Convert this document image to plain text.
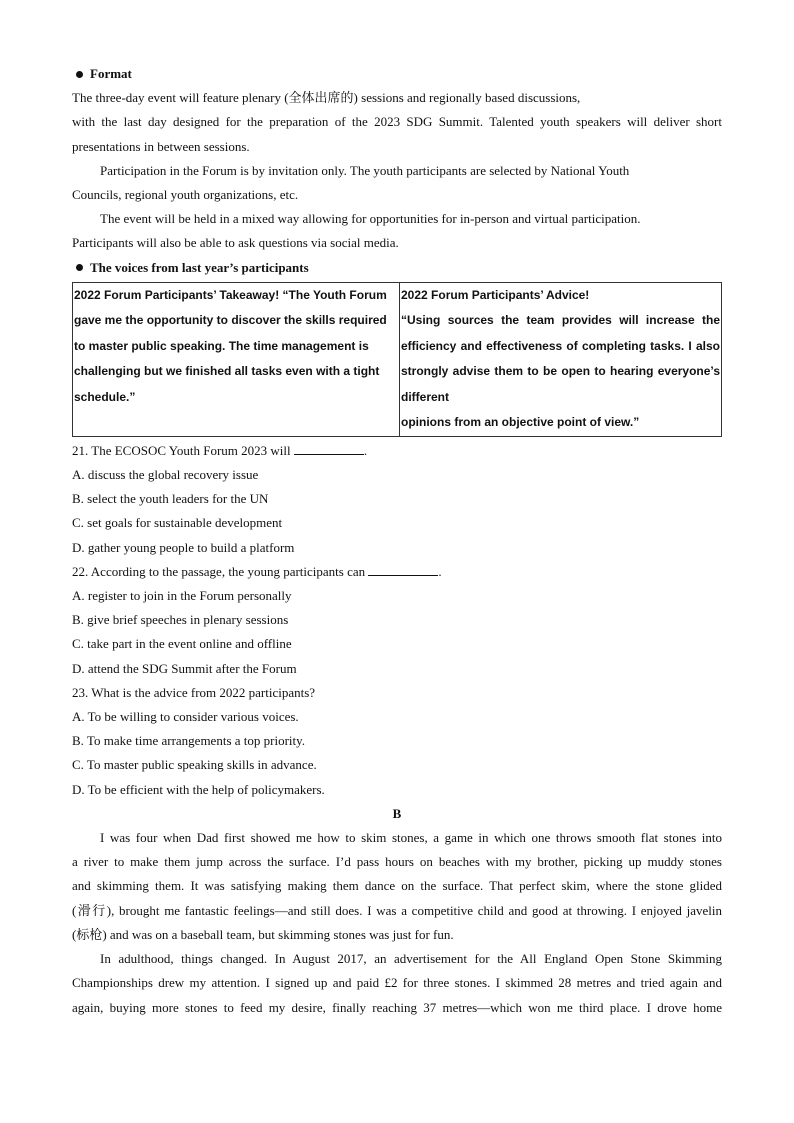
Format
The three-day event will feature plenary (全体出席的) sessions and regionally based discussions,
with the last day designed for the preparation of the 2023 SDG Summit. Talented youth speakers will deliver short
presentations in between sessions.
Participation in the Forum is by invitation only. The youth participants are selected by National Youth
Councils, regional youth organizations, etc.
The event will be held in a mixed way allowing for opportunities for in-person and virtual participation.
Participants will also be able to ask questions via social media.
The voices from last year’s participants
2022 Forum Participants’ Takeaway! “The Youth Forum
gave me the opportunity to discover the skills required
to master public speaking. The time management is
challenging but we finished all tasks even with a tight
schedule.”

2022 Forum Participants’ Advice!
“Using sources the team provides will increase the
efficiency and effectiveness of completing tasks. I also
strongly advise them to be open to hearing everyone’s
different
opinions from an objective point of view.”
21. The ECOSOC Youth Forum 2023 will	.
A. discuss the global recovery issue
B. select the youth leaders for the UN
C. set goals for sustainable development
D. gather young people to build a platform
22. According to the passage, the young participants can	.
A. register to join in the Forum personally
B. give brief speeches in plenary sessions
C. take part in the event online and offline
D. attend the SDG Summit after the Forum
23. What is the advice from 2022 participants?
A. To be willing to consider various voices.
B. To make time arrangements a top priority.
C. To master public speaking skills in advance.
D. To be efficient with the help of policymakers.
B
I was four when Dad first showed me how to skim stones, a game in which one throws smooth flat stones into
a river to make them jump across the surface. I’d pass hours on beaches with my brother, picking up muddy stones
and skimming them. It was satisfying making them dance on the surface. That perfect skim, where the stone glided
(滑行), brought me fantastic feelings—and still does. I was a competitive child and good at throwing. I enjoyed javelin
(标枪) and was on a baseball team, but skimming stones was just for fun.
In adulthood, things changed. In August 2017, an advertisement for the All England Open Stone Skimming
Championships drew my attention. I signed up and paid £2 for three stones. I skimmed 28 metres and tried again and
again, buying more stones to feed my desire, finally reaching 37 metres—which won me third place. I drove home
